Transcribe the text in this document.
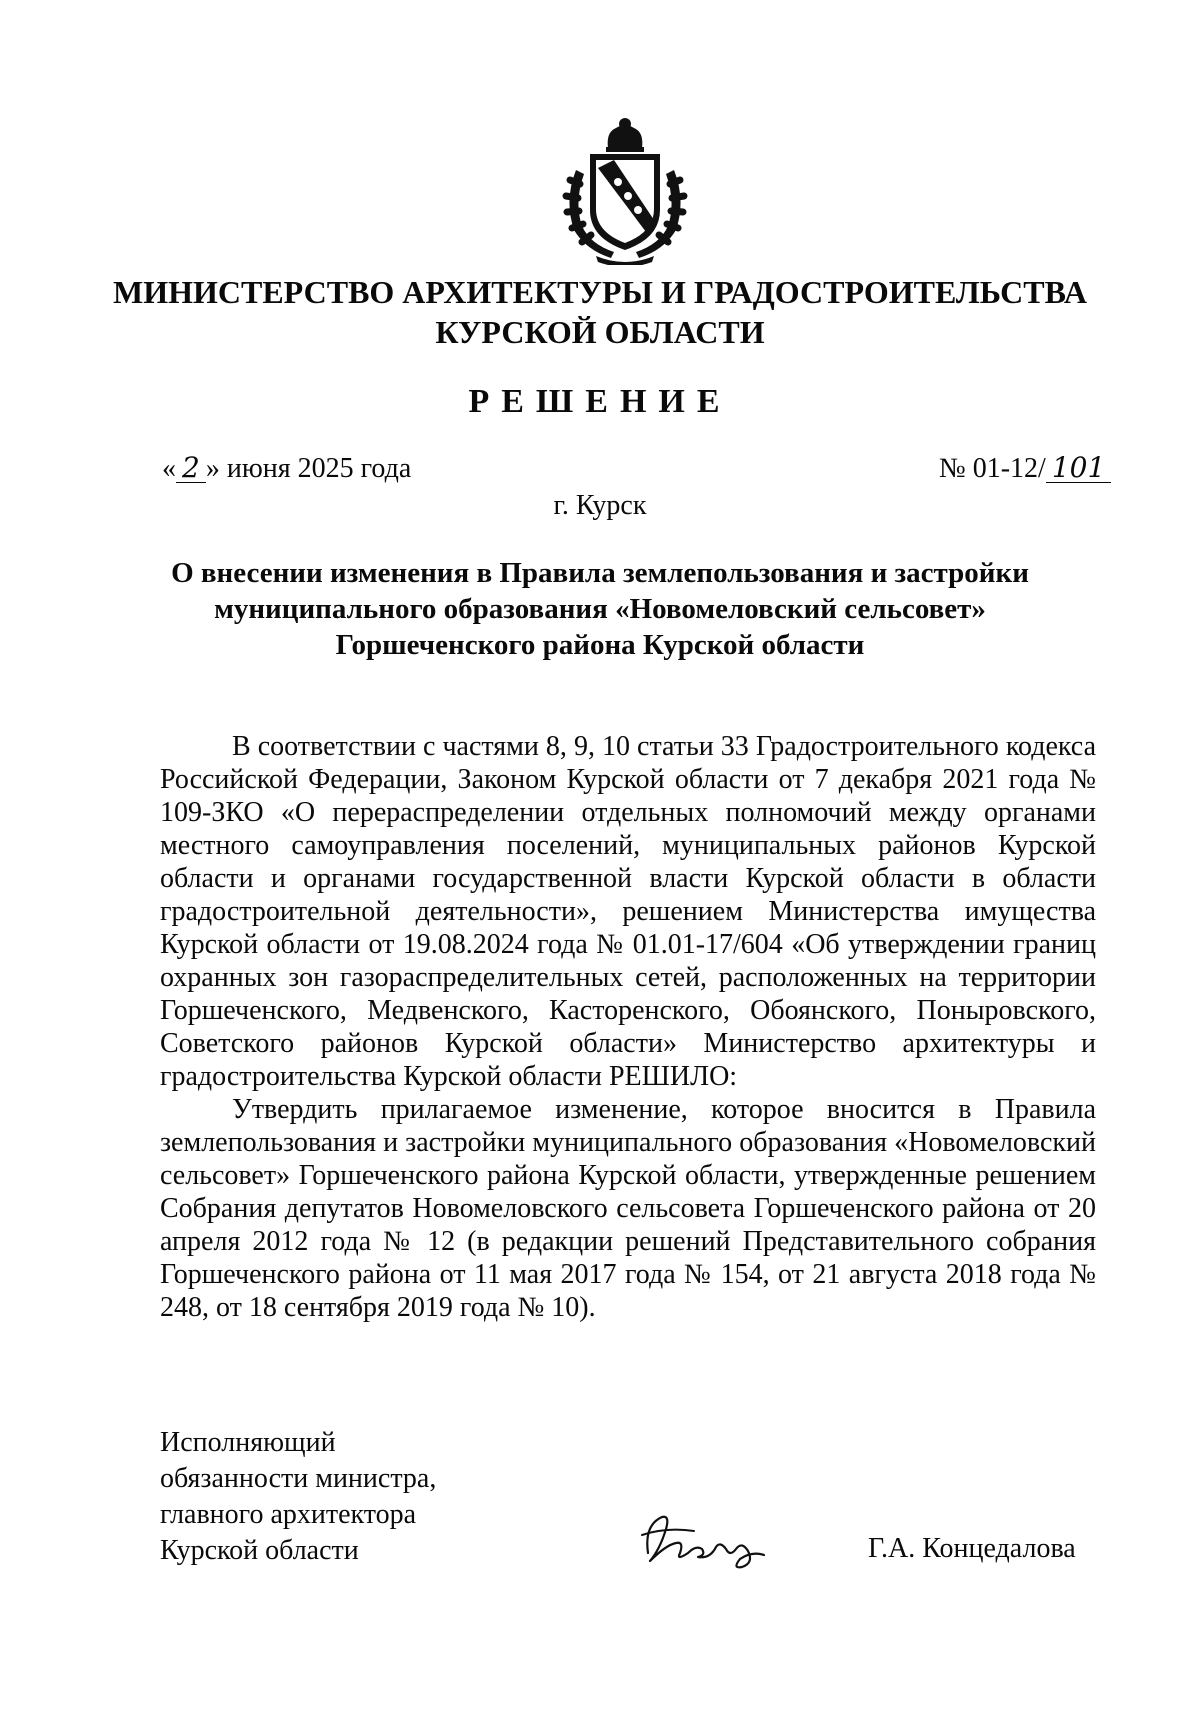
МИНИСТЕРСТВО АРХИТЕКТУРЫ И ГРАДОСТРОИТЕЛЬСТВА
КУРСКОЙ ОБЛАСТИ
РЕШЕНИЕ
« 2 » июня 2025 года	№ 01-12/ 101
г. Курск
О внесении изменения в Правила землепользования и застройки
муниципального образования «Новомеловский сельсовет»
Горшеченского района Курской области

В соответствии с частями 8, 9, 10 статьи 33 Градостроительного кодекса Российской Федерации, Законом Курской области от 7 декабря 2021 года № 109-ЗКО «О перераспределении отдельных полномочий между органами местного самоуправления поселений, муниципальных районов Курской области и органами государственной власти Курской области в области градостроительной деятельности», решением Министерства имущества Курской области от 19.08.2024 года № 01.01-17/604 «Об утверждении границ охранных зон газораспределительных сетей, расположенных на территории Горшеченского, Медвенского, Касторенского, Обоянского, Поныровского, Советского районов Курской области» Министерство архитектуры и градостроительства Курской области РЕШИЛО:

Утвердить прилагаемое изменение, которое вносится в Правила землепользования и застройки муниципального образования «Новомеловский сельсовет» Горшеченского района Курской области, утвержденные решением Собрания депутатов Новомеловского сельсовета Горшеченского района от 20 апреля 2012 года № 12 (в редакции решений Представительного собрания Горшеченского района от 11 мая 2017 года № 154, от 21 августа 2018 года № 248, от 18 сентября 2019 года № 10).

Исполняющий
обязанности министра,
главного архитектора
Курской области	Г.А. Концедалова
